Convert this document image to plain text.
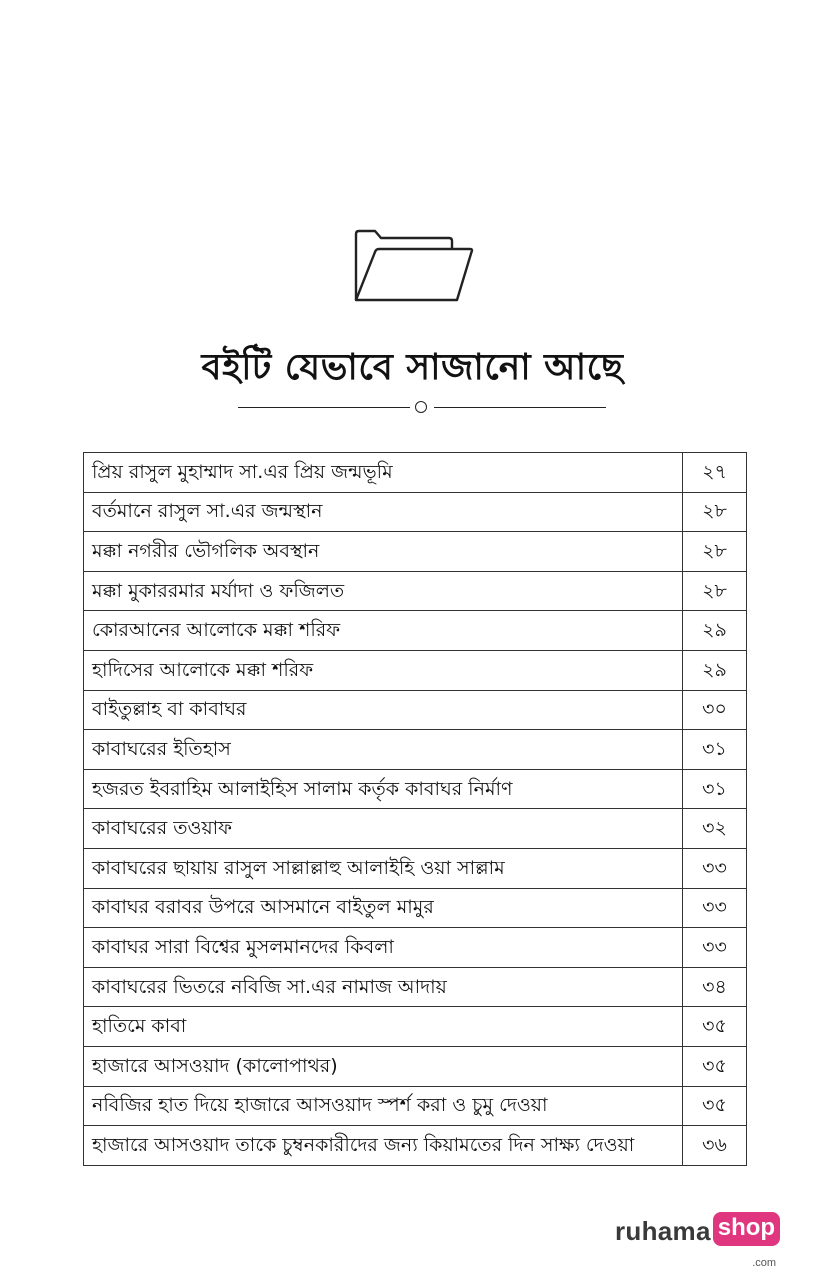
বইটি যেভাবে সাজানো আছে
প্রিয় রাসুল মুহাম্মাদ সা.এর প্রিয় জন্মভূমি	২৭
বর্তমানে রাসুল সা.এর জন্মস্থান	২৮
মক্কা নগরীর ভৌগলিক অবস্থান	২৮
মক্কা মুকাররমার মর্যাদা ও ফজিলত	২৮
কোরআনের আলোকে মক্কা শরিফ	২৯
হাদিসের আলোকে মক্কা শরিফ	২৯
বাইতুল্লাহ বা কাবাঘর	৩০
কাবাঘরের ইতিহাস	৩১
হজরত ইবরাহিম আলাইহিস সালাম কর্তৃক কাবাঘর নির্মাণ	৩১
কাবাঘরের তওয়াফ	৩২
কাবাঘরের ছায়ায় রাসুল সাল্লাল্লাহু আলাইহি ওয়া সাল্লাম	৩৩
কাবাঘর বরাবর উপরে আসমানে বাইতুল মামুর	৩৩
কাবাঘর সারা বিশ্বের মুসলমানদের কিবলা	৩৩
কাবাঘরের ভিতরে নবিজি সা.এর নামাজ আদায়	৩৪
হাতিমে কাবা	৩৫
হাজারে আসওয়াদ (কালোপাথর)	৩৫
নবিজির হাত দিয়ে হাজারে আসওয়াদ স্পর্শ করা ও চুমু দেওয়া	৩৫
হাজারে আসওয়াদ তাকে চুম্বনকারীদের জন্য কিয়ামতের দিন সাক্ষ্য দেওয়া	৩৬
ruhama shop
.com
